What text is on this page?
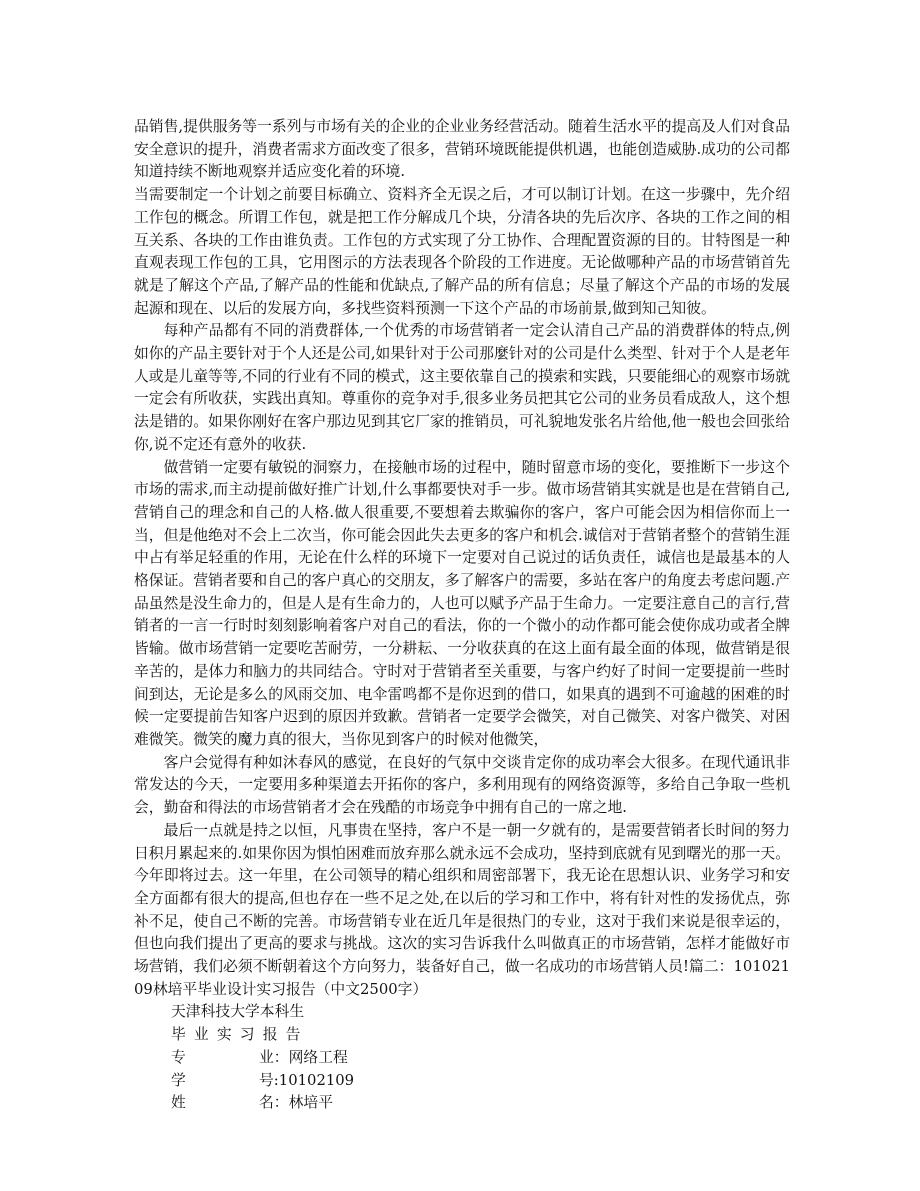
品销售,提供服务等一系列与市场有关的企业的企业业务经营活动。随着生活水平的提高及人们对食品安全意识的提升，消费者需求方面改变了很多，营销环境既能提供机遇，也能创造威胁.成功的公司都知道持续不断地观察并适应变化着的环境.

当需要制定一个计划之前要目标确立、资料齐全无误之后，才可以制订计划。在这一步骤中，先介绍工作包的概念。所谓工作包，就是把工作分解成几个块，分清各块的先后次序、各块的工作之间的相互关系、各块的工作由谁负责。工作包的方式实现了分工协作、合理配置资源的目的。甘特图是一种直观表现工作包的工具，它用图示的方法表现各个阶段的工作进度。无论做哪种产品的市场营销首先就是了解这个产品,了解产品的性能和优缺点,了解产品的所有信息；尽量了解这个产品的市场的发展起源和现在、以后的发展方向，多找些资料预测一下这个产品的市场前景,做到知己知彼。

每种产品都有不同的消费群体,一个优秀的市场营销者一定会认清自己产品的消费群体的特点,例如你的产品主要针对于个人还是公司,如果针对于公司那麼针对的公司是什么类型、针对于个人是老年人或是儿童等等,不同的行业有不同的模式，这主要依靠自己的摸索和实践，只要能细心的观察市场就一定会有所收获，实践出真知。尊重你的竞争对手,很多业务员把其它公司的业务员看成敌人，这个想法是错的。如果你刚好在客户那边见到其它厂家的推销员，可礼貌地发张名片给他,他一般也会回张给你,说不定还有意外的收获.

做营销一定要有敏锐的洞察力，在接触市场的过程中，随时留意市场的变化，要推断下一步这个市场的需求,而主动提前做好推广计划,什么事都要快对手一步。做市场营销其实就是也是在营销自己,营销自己的理念和自己的人格.做人很重要,不要想着去欺骗你的客户，客户可能会因为相信你而上一当，但是他绝对不会上二次当，你可能会因此失去更多的客户和机会.诚信对于营销者整个的营销生涯中占有举足轻重的作用，无论在什么样的环境下一定要对自己说过的话负责任，诚信也是最基本的人格保证。营销者要和自己的客户真心的交朋友，多了解客户的需要，多站在客户的角度去考虑问题.产品虽然是没生命力的，但是人是有生命力的，人也可以赋予产品于生命力。一定要注意自己的言行,营销者的一言一行时时刻刻影响着客户对自己的看法，你的一个微小的动作都可能会使你成功或者全牌皆输。做市场营销一定要吃苦耐劳，一分耕耘、一分收获真的在这上面有最全面的体现，做营销是很辛苦的，是体力和脑力的共同结合。守时对于营销者至关重要，与客户约好了时间一定要提前一些时间到达，无论是多么的风雨交加、电伞雷鸣都不是你迟到的借口，如果真的遇到不可逾越的困难的时候一定要提前告知客户迟到的原因并致歉。营销者一定要学会微笑，对自己微笑、对客户微笑、对困难微笑。微笑的魔力真的很大，当你见到客户的时候对他微笑，

客户会觉得有种如沐春风的感觉，在良好的气氛中交谈肯定你的成功率会大很多。在现代通讯非常发达的今天，一定要用多种渠道去开拓你的客户，多利用现有的网络资源等，多给自己争取一些机会，勤奋和得法的市场营销者才会在残酷的市场竞争中拥有自己的一席之地.

最后一点就是持之以恒，凡事贵在坚持，客户不是一朝一夕就有的，是需要营销者长时间的努力日积月累起来的.如果你因为惧怕困难而放弃那么就永远不会成功，坚持到底就有见到曙光的那一天。今年即将过去。这一年里，在公司领导的精心组织和周密部署下，我无论在思想认识、业务学习和安全方面都有很大的提高,但也存在一些不足之处,在以后的学习和工作中，将有针对性的发扬优点，弥补不足，使自己不断的完善。市场营销专业在近几年是很热门的专业，这对于我们来说是很幸运的，但也向我们提出了更高的要求与挑战。这次的实习告诉我什么叫做真正的市场营销，怎样才能做好市场营销，我们必须不断朝着这个方向努力，装备好自己，做一名成功的市场营销人员!篇二：10102109林培平毕业设计实习报告（中文2500字）

天津科技大学本科生
毕业实习报告
专	业：网络工程
学	号:10102109
姓	名：林培平
